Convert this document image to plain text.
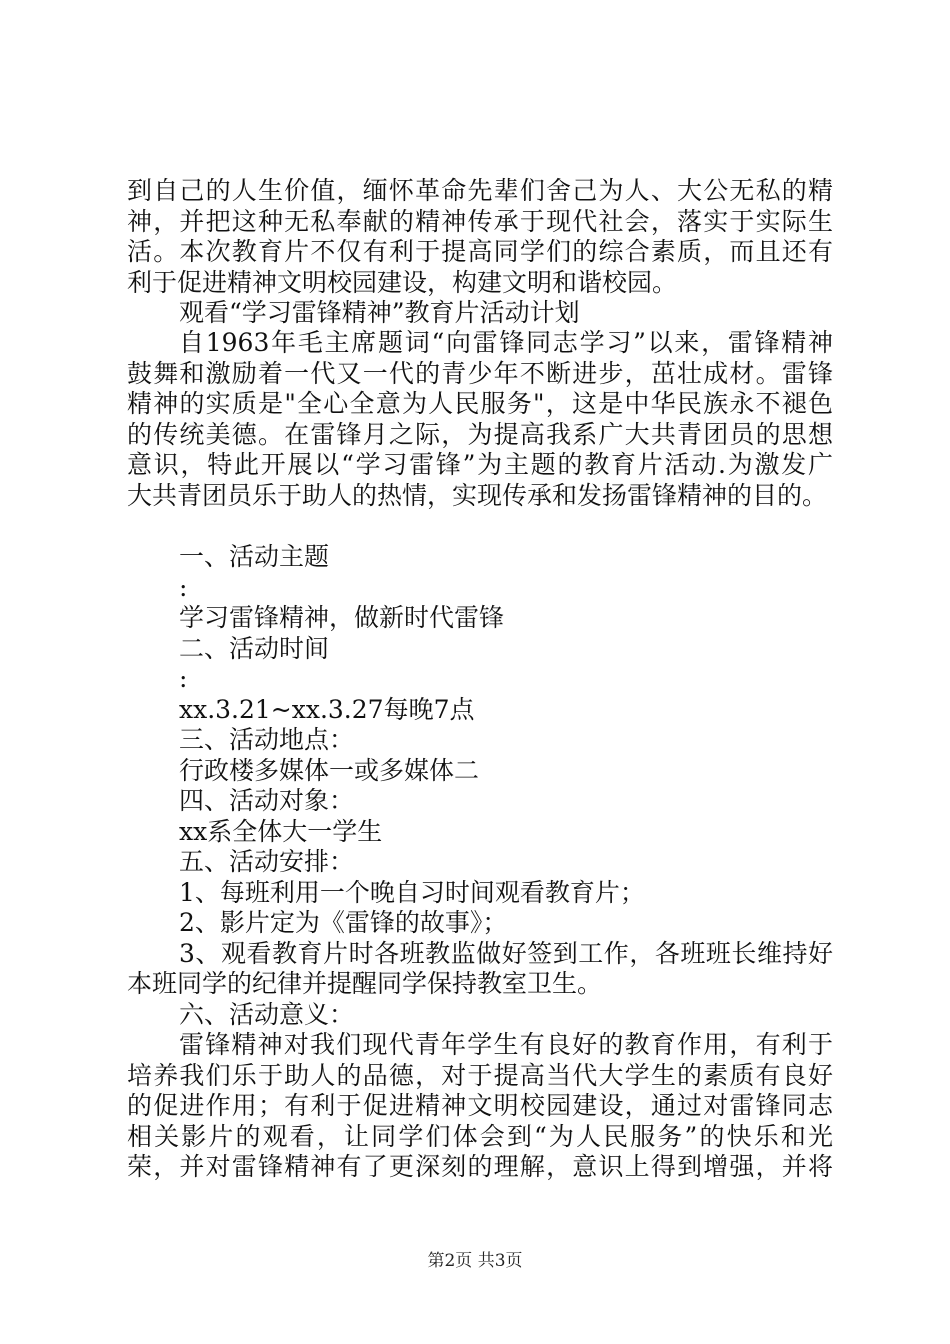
到自己的人生价值，缅怀革命先辈们舍己为人、大公无私的精
神，并把这种无私奉献的精神传承于现代社会，落实于实际生
活。本次教育片不仅有利于提高同学们的综合素质，而且还有
利于促进精神文明校园建设，构建文明和谐校园。
观看“学习雷锋精神”教育片活动计划
自1963年毛主席题词“向雷锋同志学习”以来，雷锋精神
鼓舞和激励着一代又一代的青少年不断进步，茁壮成材。雷锋
精神的实质是"全心全意为人民服务"，这是中华民族永不褪色
的传统美德。在雷锋月之际，为提高我系广大共青团员的思想
意识，特此开展以“学习雷锋”为主题的教育片活动.为激发广
大共青团员乐于助人的热情，实现传承和发扬雷锋精神的目的。
一、活动主题
:
学习雷锋精神，做新时代雷锋
二、活动时间
:
xx.3.21~xx.3.27每晚7点
三、活动地点：
行政楼多媒体一或多媒体二
四、活动对象：
xx系全体大一学生
五、活动安排：
1、每班利用一个晚自习时间观看教育片；
2、影片定为《雷锋的故事》；
3、观看教育片时各班教监做好签到工作，各班班长维持好
本班同学的纪律并提醒同学保持教室卫生。
六、活动意义：
雷锋精神对我们现代青年学生有良好的教育作用，有利于
培养我们乐于助人的品德，对于提高当代大学生的素质有良好
的促进作用；有利于促进精神文明校园建设，通过对雷锋同志
相关影片的观看，让同学们体会到“为人民服务”的快乐和光
荣，并对雷锋精神有了更深刻的理解，意识上得到增强，并将
第2页 共3页
